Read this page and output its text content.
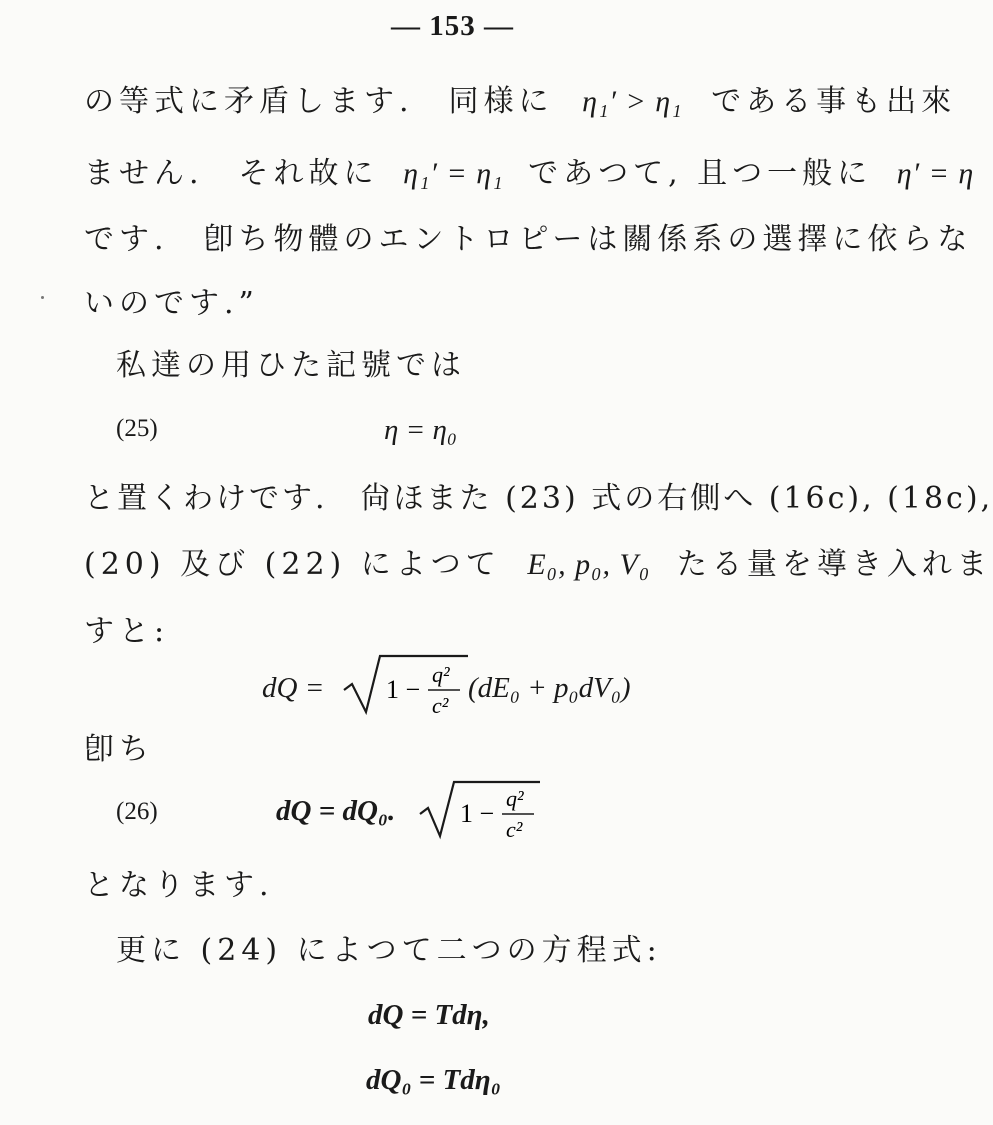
— 153 —
の等式に矛盾します.　同様に η₁′ > η₁ である事も出來
ません.　それ故に η₁′ = η₁ であつて, 且つ一般に η′ = η
です.　卽ち物體のエントロピーは關係系の選擇に依らな
いのです.”
私達の用ひた記號では
(25)	η = η₀
と置くわけです.　尙ほまた (23) 式の右側へ (16c), (18c),
(20) 及び (22) によつて E₀, p₀, V₀ たる量を導き入れま
すと:
dQ = 1 −
q²
c²
(dE₀ + p₀dV₀)
卽ち
(26)	dQ = dQ₀. 1 −
q²
c²
となります.
更に (24) によつて二つの方程式:
dQ = Tdη,
dQ₀ = Tdη₀
